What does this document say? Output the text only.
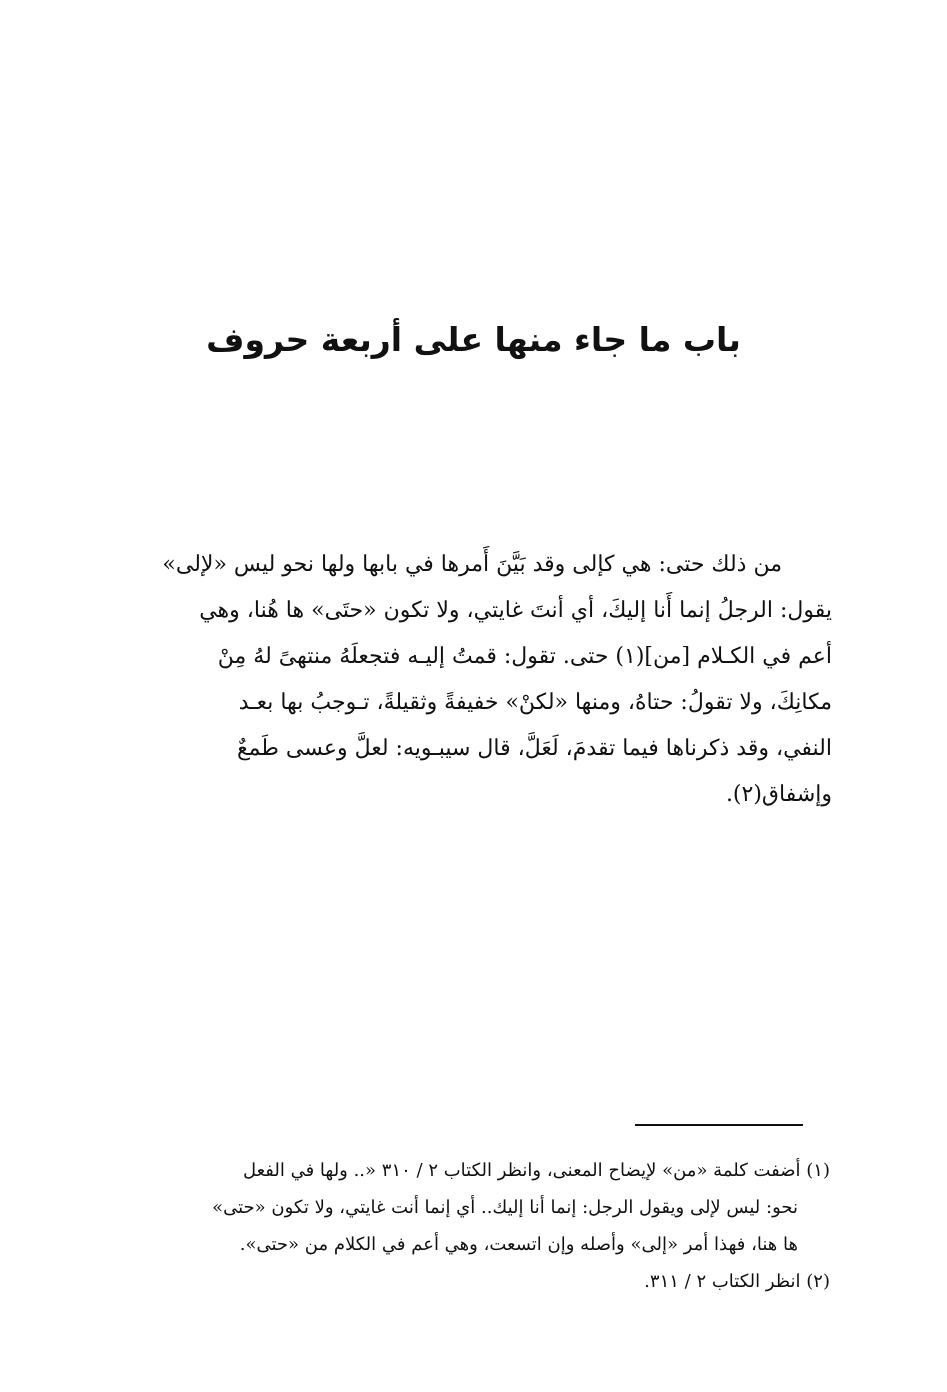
باب ما جاء منها على أربعة حروف
من ذلك حتى: هي كإلى وقد بَيَّنَ أَمرها في بابها ولها نحو ليس «لإلى»
يقول: الرجلُ إنما أَنا إليكَ، أي أنتَ غايتي، ولا تكون «حتَى» ها هُنا، وهي
أعم في الكـلام [من](١) حتى. تقول: قمتُ إليـه فتجعلَهُ منتهىً لهُ مِنْ
مكانِكَ، ولا تقولُ: حتاهُ، ومنها «لكنْ» خفيفةً وثقيلةً، تـوجبُ بها بعـد
النفي، وقد ذكرناها فيما تقدمَ، لَعَلَّ، قال سيبـويه: لعلَّ وعسى طَمعٌ
وإشفاق(٢).
(١) أضفت كلمة «من» لإيضاح المعنى، وانظر الكتاب ٢ / ٣١٠ «.. ولها في الفعل
نحو: ليس لإلى ويقول الرجل: إنما أنا إليك.. أي إنما أنت غايتي، ولا تكون «حتى»
ها هنا، فهذا أمر «إلى» وأصله وإن اتسعت، وهي أعم في الكلام من «حتى».
(٢) انظر الكتاب ٢ / ٣١١.
